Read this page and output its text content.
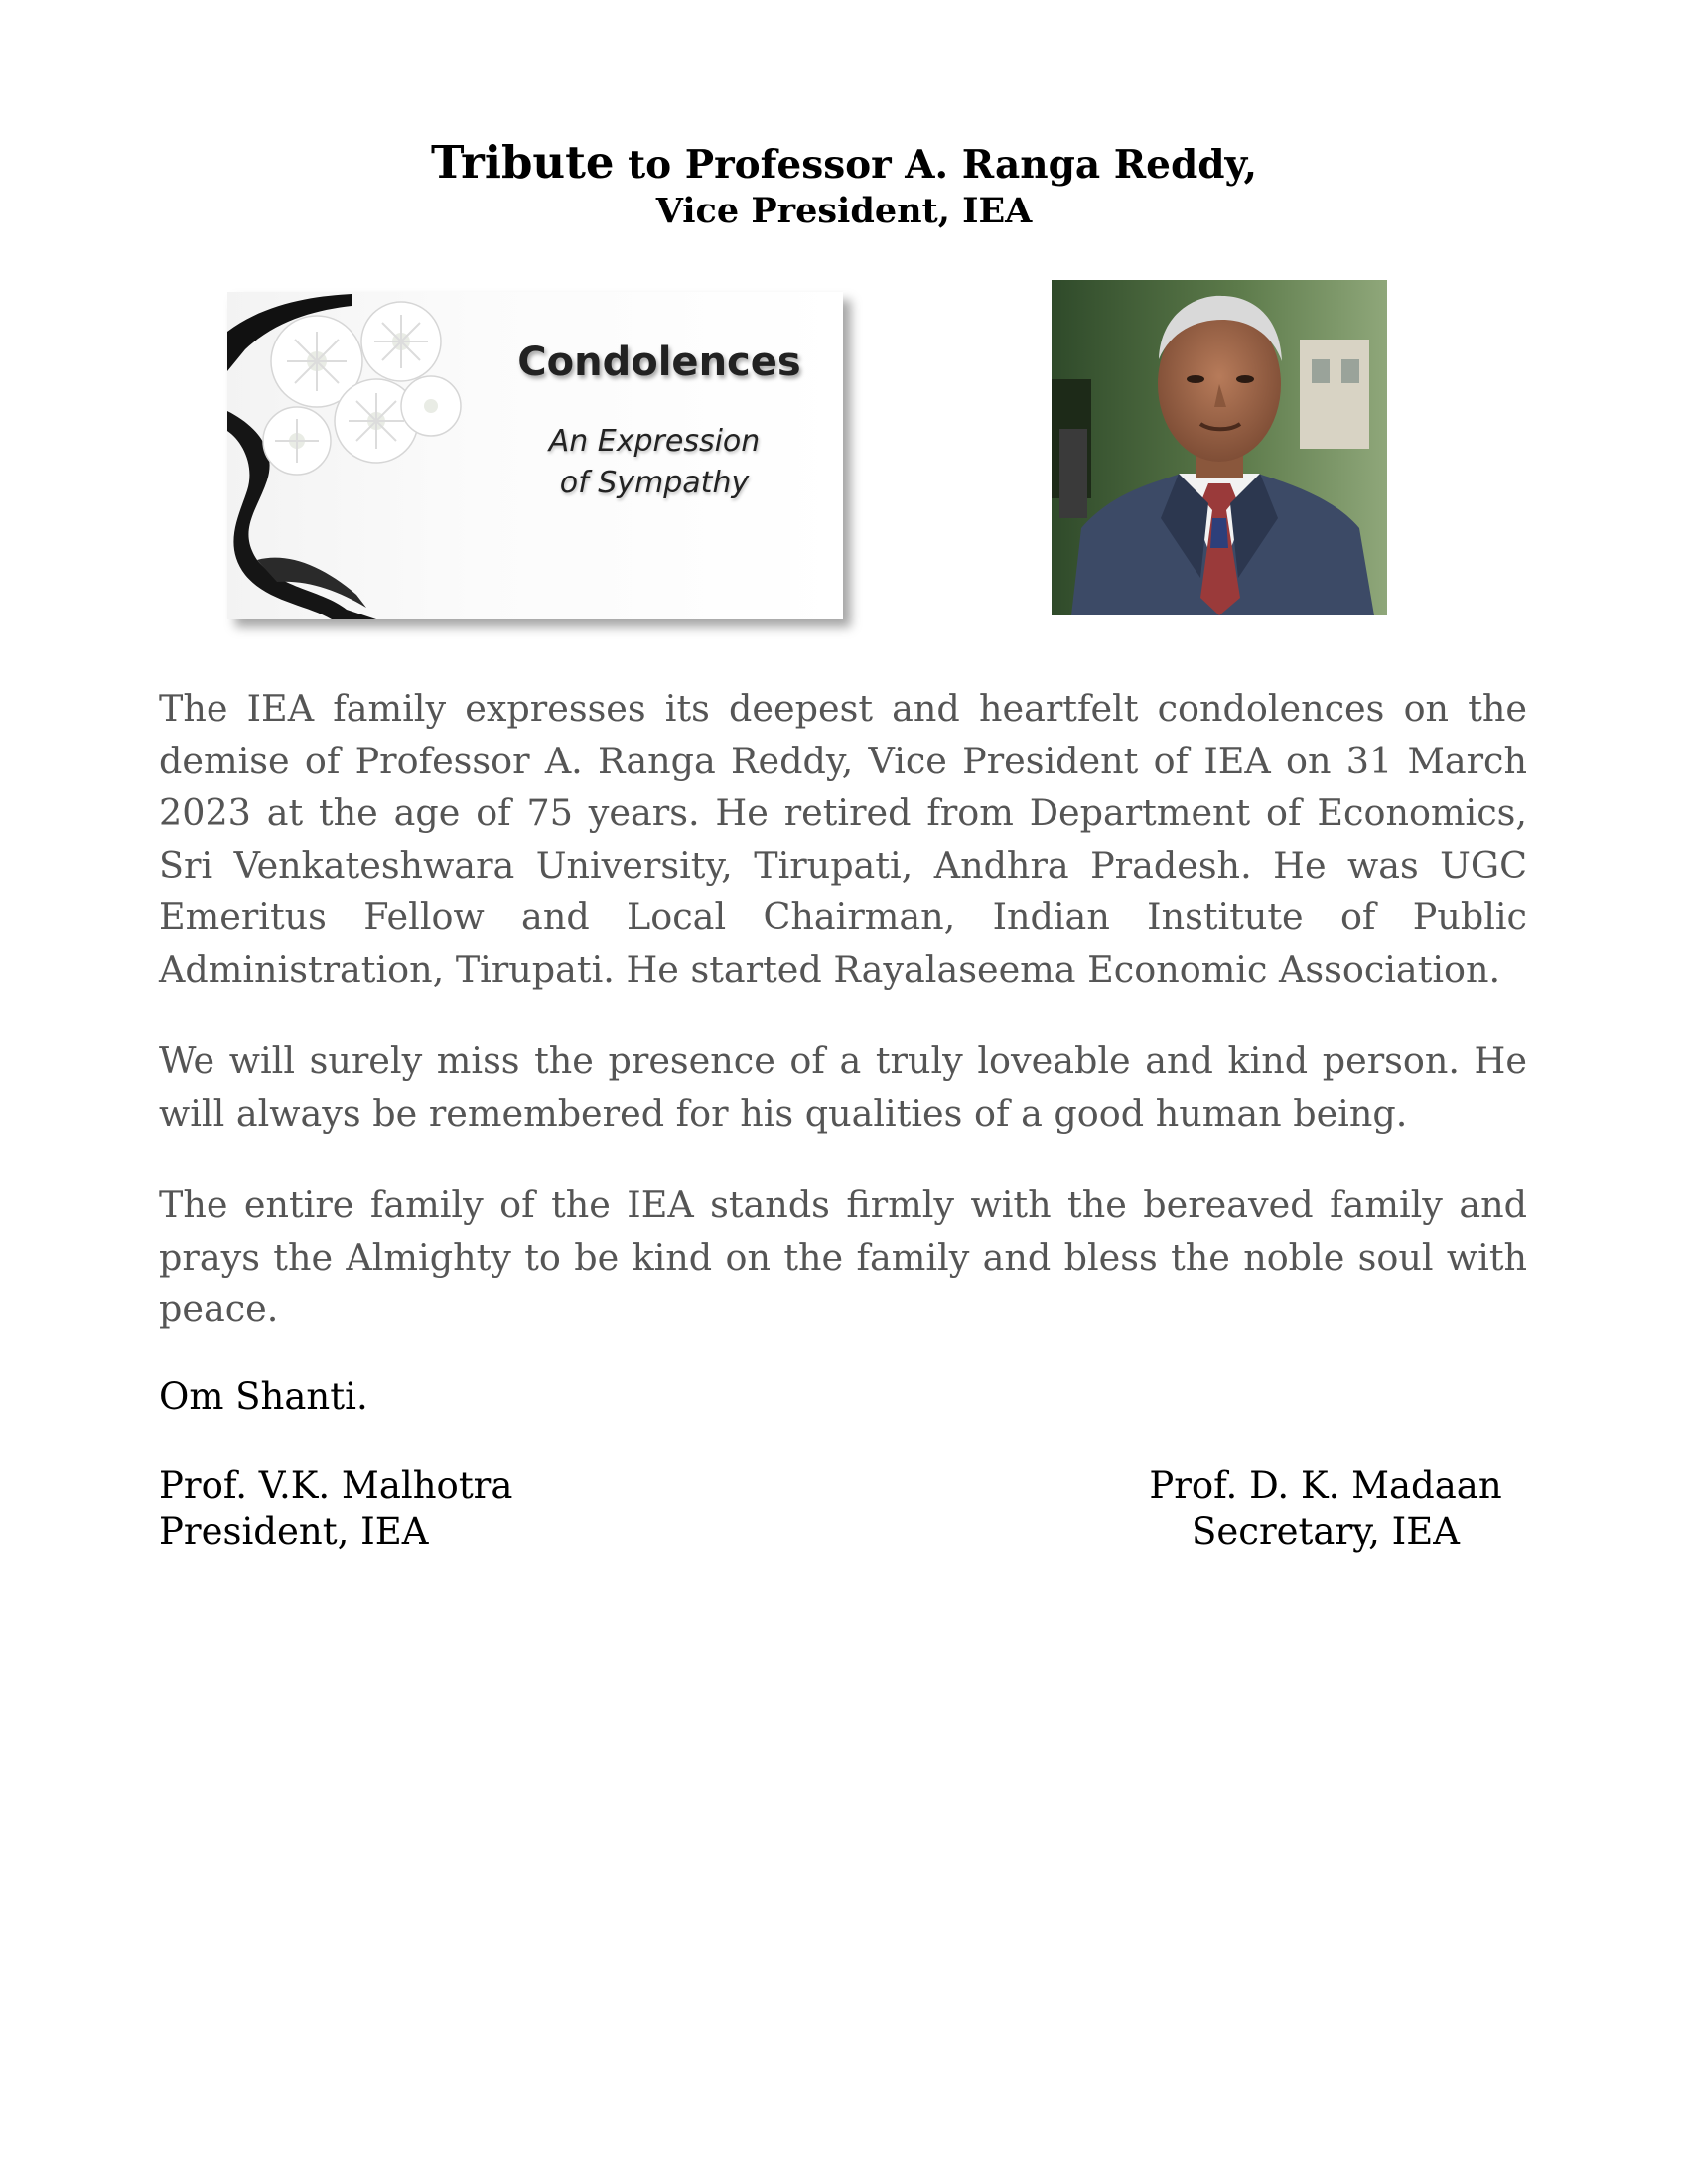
Tribute to Professor A. Ranga Reddy,
Vice President, IEA
Condolences
An Expression
of Sympathy
The IEA family expresses its deepest and heartfelt condolences on the demise of Professor A. Ranga Reddy, Vice President of IEA on 31 March 2023 at the age of 75 years. He retired from Department of Economics, Sri Venkateshwara University, Tirupati, Andhra Pradesh. He was UGC Emeritus Fellow and Local Chairman, Indian Institute of Public Administration, Tirupati. He started Rayalaseema Economic Association.
We will surely miss the presence of a truly loveable and kind person. He will always be remembered for his qualities of a good human being.
The entire family of the IEA stands firmly with the bereaved family and prays the Almighty to be kind on the family and bless the noble soul with peace.
Om Shanti.
Prof. V.K. Malhotra
President, IEA
Prof. D. K. Madaan
Secretary, IEA
